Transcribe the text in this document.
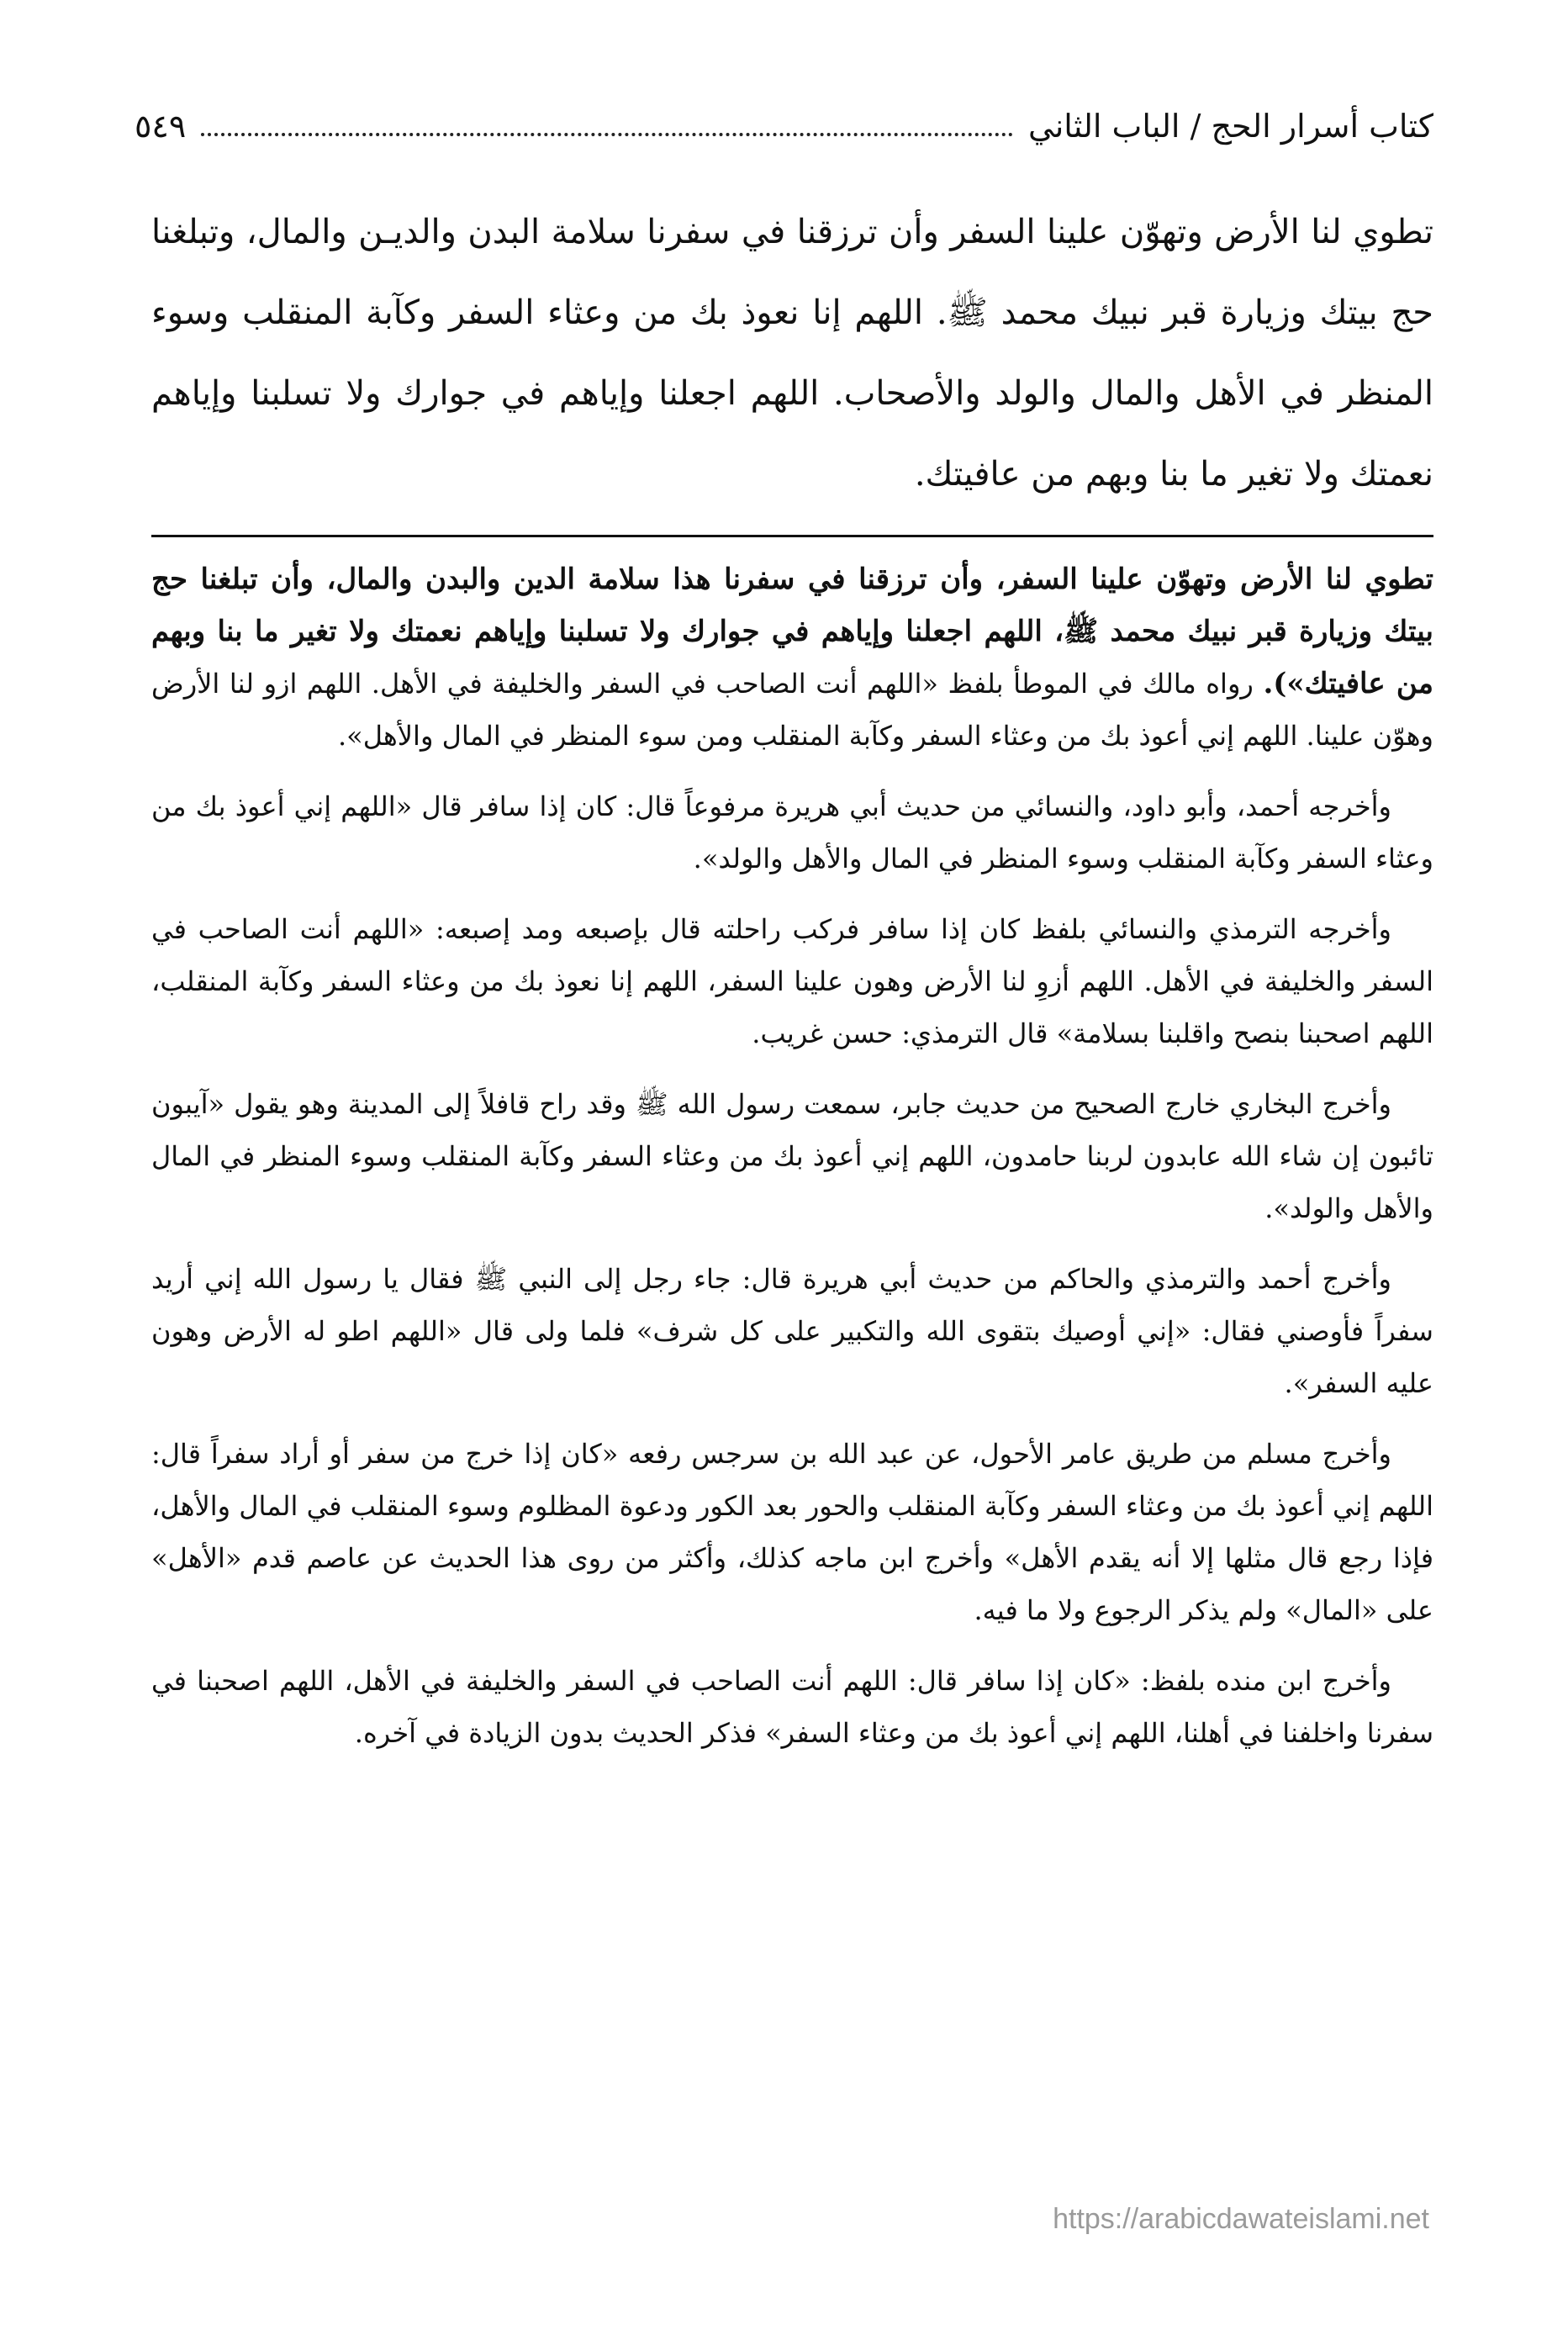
كتاب أسرار الحج / الباب الثاني
٥٤٩

تطوي لنا الأرض وتهوّن علينا السفر وأن ترزقنا في سفرنا سلامة البدن والديـن والمال، وتبلغنا حج بيتك وزيارة قبر نبيك محمد ﷺ. اللهم إنا نعوذ بك من وعثاء السفر وكآبة المنقلب وسوء المنظر في الأهل والمال والولد والأصحاب. اللهم اجعلنا وإياهم في جوارك ولا تسلبنا وإياهم نعمتك ولا تغير ما بنا وبهم من عافيتك.

تطوي لنا الأرض وتهوّن علينا السفر، وأن ترزقنا في سفرنا هذا سلامة الدين والبدن والمال، وأن تبلغنا حج بيتك وزيارة قبر نبيك محمد ﷺ، اللهم اجعلنا وإياهم في جوارك ولا تسلبنا وإياهم نعمتك ولا تغير ما بنا وبهم من عافيتك»). رواه مالك في الموطأ بلفظ «اللهم أنت الصاحب في السفر والخليفة في الأهل. اللهم ازو لنا الأرض وهوّن علينا. اللهم إني أعوذ بك من وعثاء السفر وكآبة المنقلب ومن سوء المنظر في المال والأهل».

وأخرجه أحمد، وأبو داود، والنسائي من حديث أبي هريرة مرفوعاً قال: كان إذا سافر قال «اللهم إني أعوذ بك من وعثاء السفر وكآبة المنقلب وسوء المنظر في المال والأهل والولد».

وأخرجه الترمذي والنسائي بلفظ كان إذا سافر فركب راحلته قال بإصبعه ومد إصبعه: «اللهم أنت الصاحب في السفر والخليفة في الأهل. اللهم أزوِ لنا الأرض وهون علينا السفر، اللهم إنا نعوذ بك من وعثاء السفر وكآبة المنقلب، اللهم اصحبنا بنصح واقلبنا بسلامة» قال الترمذي: حسن غريب.

وأخرج البخاري خارج الصحيح من حديث جابر، سمعت رسول الله ﷺ وقد راح قافلاً إلى المدينة وهو يقول «آيبون تائبون إن شاء الله عابدون لربنا حامدون، اللهم إني أعوذ بك من وعثاء السفر وكآبة المنقلب وسوء المنظر في المال والأهل والولد».

وأخرج أحمد والترمذي والحاكم من حديث أبي هريرة قال: جاء رجل إلى النبي ﷺ فقال يا رسول الله إني أريد سفراً فأوصني فقال: «إني أوصيك بتقوى الله والتكبير على كل شرف» فلما ولى قال «اللهم اطو له الأرض وهون عليه السفر».

وأخرج مسلم من طريق عامر الأحول، عن عبد الله بن سرجس رفعه «كان إذا خرج من سفر أو أراد سفراً قال: اللهم إني أعوذ بك من وعثاء السفر وكآبة المنقلب والحور بعد الكور ودعوة المظلوم وسوء المنقلب في المال والأهل، فإذا رجع قال مثلها إلا أنه يقدم الأهل» وأخرج ابن ماجه كذلك، وأكثر من روى هذا الحديث عن عاصم قدم «الأهل» على «المال» ولم يذكر الرجوع ولا ما فيه.

وأخرج ابن منده بلفظ: «كان إذا سافر قال: اللهم أنت الصاحب في السفر والخليفة في الأهل، اللهم اصحبنا في سفرنا واخلفنا في أهلنا، اللهم إني أعوذ بك من وعثاء السفر» فذكر الحديث بدون الزيادة في آخره.

https://arabicdawateislami.net
